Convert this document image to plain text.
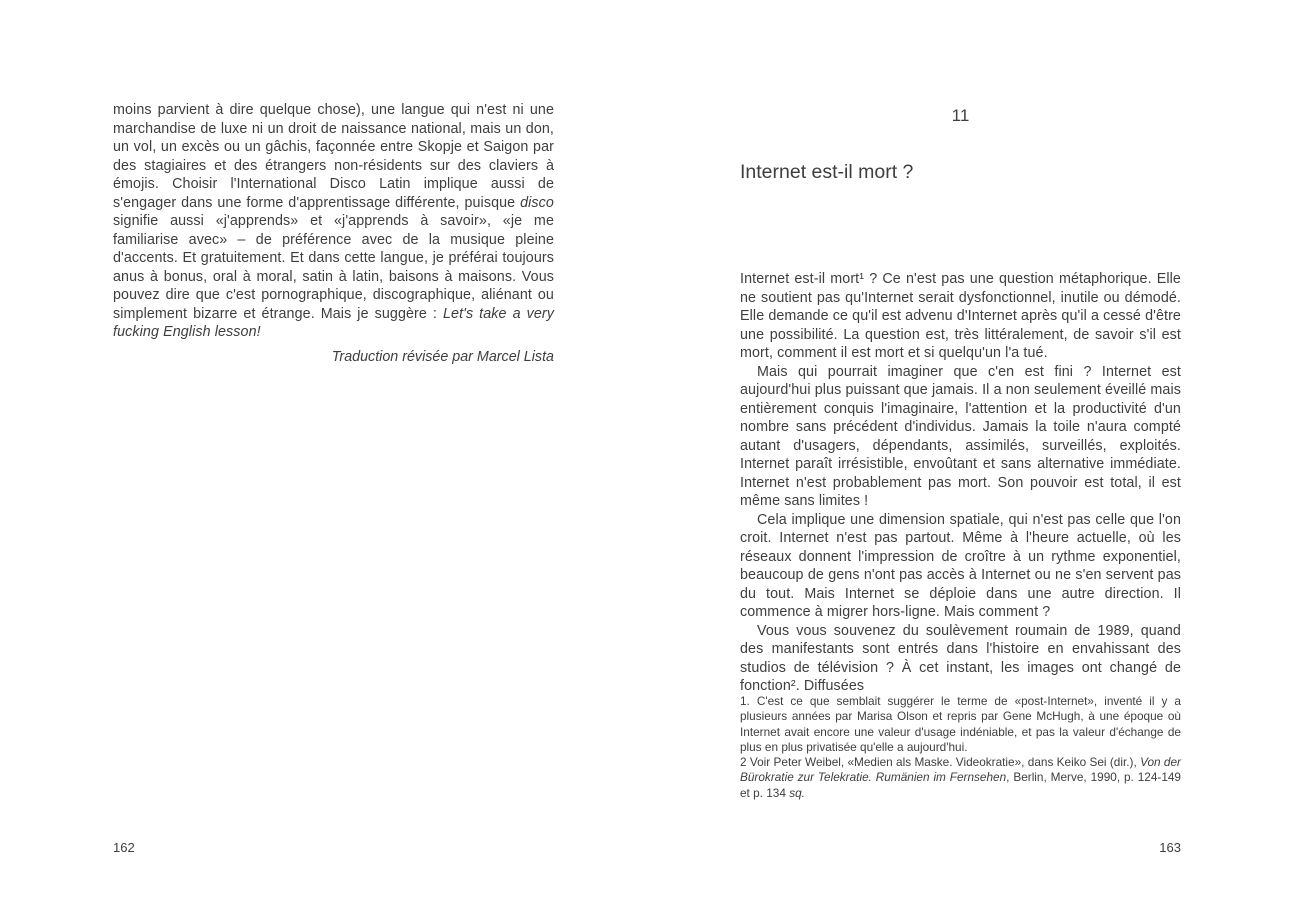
moins parvient à dire quelque chose), une langue qui n'est ni une marchandise de luxe ni un droit de naissance national, mais un don, un vol, un excès ou un gâchis, façonnée entre Skopje et Saigon par des stagiaires et des étrangers non-résidents sur des claviers à émojis. Choisir l'International Disco Latin implique aussi de s'engager dans une forme d'apprentissage différente, puisque disco signifie aussi «j'apprends» et «j'apprends à savoir», «je me familiarise avec» – de préférence avec de la musique pleine d'accents. Et gratuitement. Et dans cette langue, je préférai toujours anus à bonus, oral à moral, satin à latin, baisons à maisons. Vous pouvez dire que c'est pornographique, discographique, aliénant ou simplement bizarre et étrange. Mais je suggère : Let's take a very fucking English lesson!

Traduction révisée par Marcel Lista

162
11
Internet est-il mort ?

Internet est-il mort¹ ? Ce n'est pas une question métaphorique. Elle ne soutient pas qu'Internet serait dysfonctionnel, inutile ou démodé. Elle demande ce qu'il est advenu d'Internet après qu'il a cessé d'être une possibilité. La question est, très littéralement, de savoir s'il est mort, comment il est mort et si quelqu'un l'a tué.

Mais qui pourrait imaginer que c'en est fini ? Internet est aujourd'hui plus puissant que jamais. Il a non seulement éveillé mais entièrement conquis l'imaginaire, l'attention et la productivité d'un nombre sans précédent d'individus. Jamais la toile n'aura compté autant d'usagers, dépendants, assimilés, surveillés, exploités. Internet paraît irrésistible, envoûtant et sans alternative immédiate. Internet n'est probablement pas mort. Son pouvoir est total, il est même sans limites !

Cela implique une dimension spatiale, qui n'est pas celle que l'on croit. Internet n'est pas partout. Même à l'heure actuelle, où les réseaux donnent l'impression de croître à un rythme exponentiel, beaucoup de gens n'ont pas accès à Internet ou ne s'en servent pas du tout. Mais Internet se déploie dans une autre direction. Il commence à migrer hors-ligne. Mais comment ?

Vous vous souvenez du soulèvement roumain de 1989, quand des manifestants sont entrés dans l'histoire en envahissant des studios de télévision ? À cet instant, les images ont changé de fonction². Diffusées

1. C'est ce que semblait suggérer le terme de «post-Internet», inventé il y a plusieurs années par Marisa Olson et repris par Gene McHugh, à une époque où Internet avait encore une valeur d'usage indéniable, et pas la valeur d'échange de plus en plus privatisée qu'elle a aujourd'hui.

2 Voir Peter Weibel, «Medien als Maske. Videokratie», dans Keiko Sei (dir.), Von der Bürokratie zur Telekratie. Rumänien im Fernsehen, Berlin, Merve, 1990, p. 124-149 et p. 134 sq.

163
